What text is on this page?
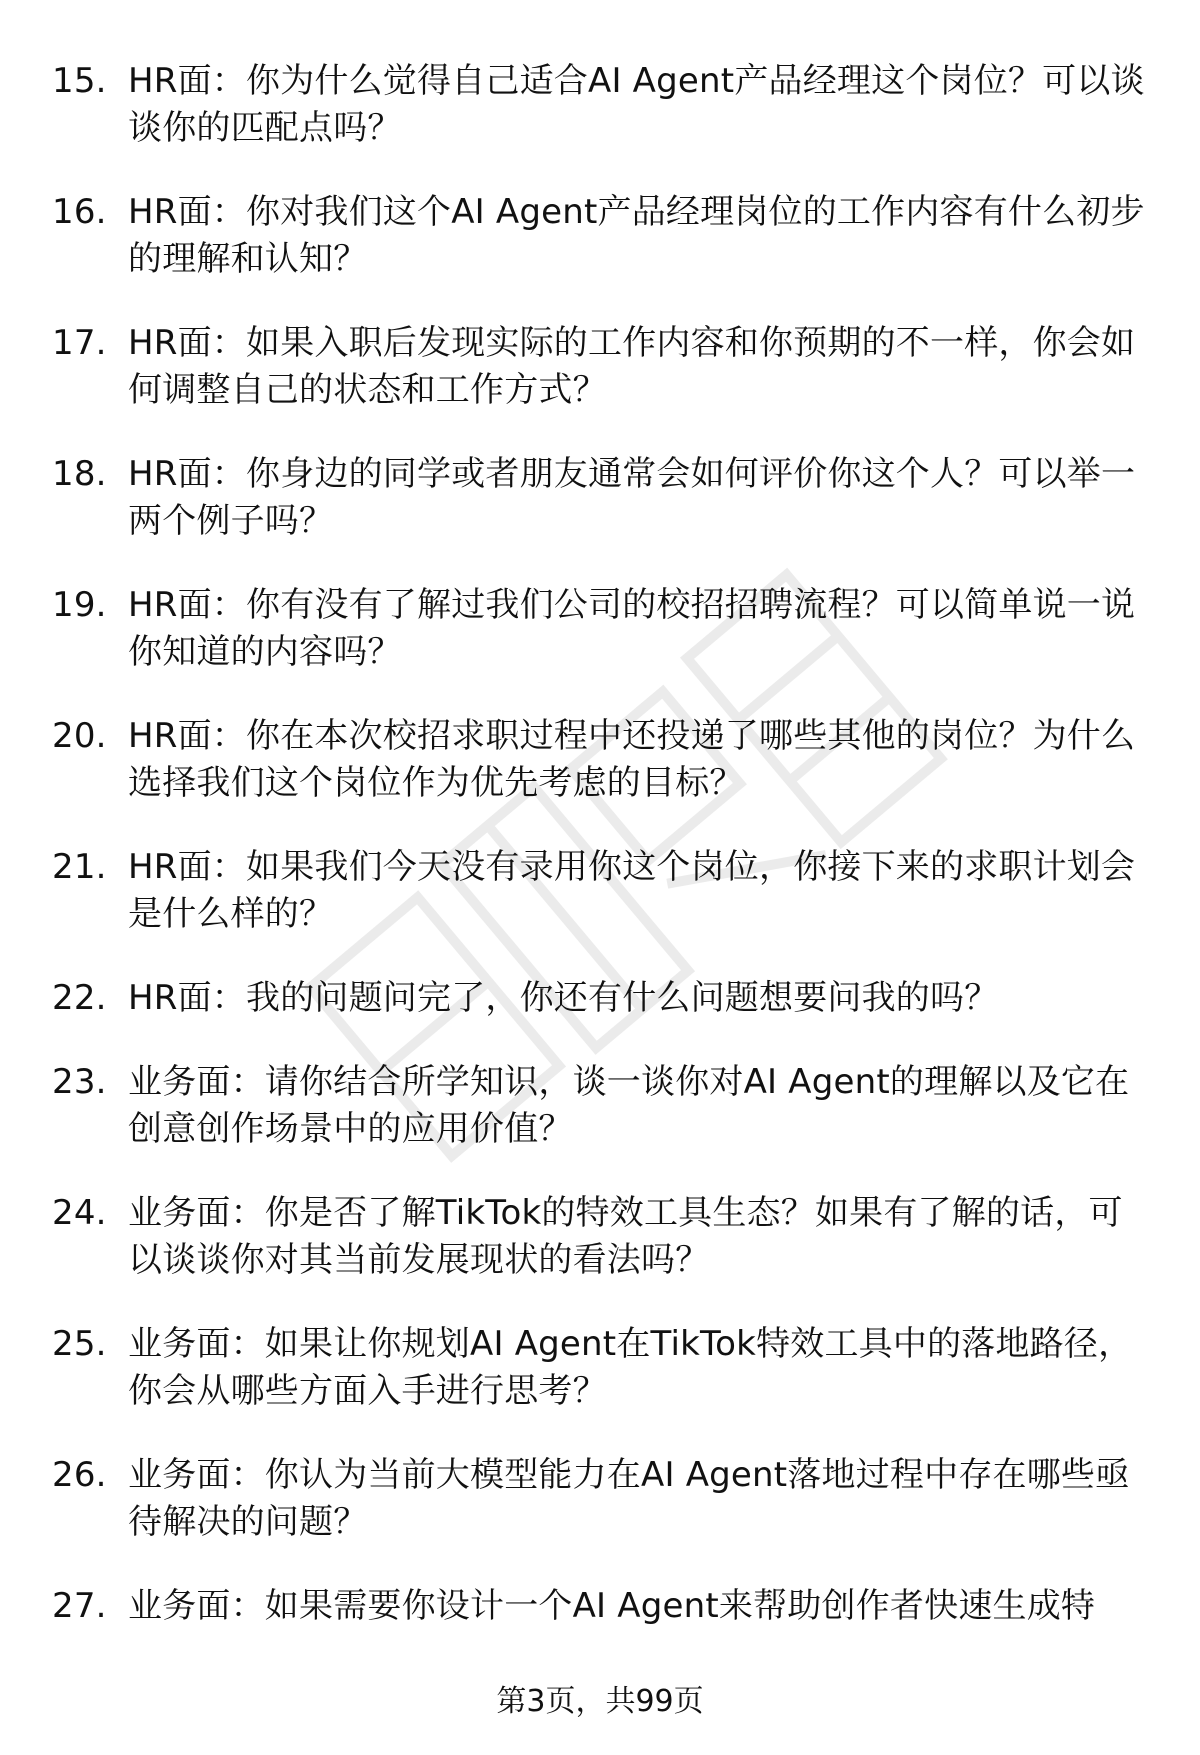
15. HR面：你为什么觉得自己适合AI Agent产品经理这个岗位？可以谈谈你的匹配点吗？
16. HR面：你对我们这个AI Agent产品经理岗位的工作内容有什么初步的理解和认知？
17. HR面：如果入职后发现实际的工作内容和你预期的不一样，你会如何调整自己的状态和工作方式？
18. HR面：你身边的同学或者朋友通常会如何评价你这个人？可以举一两个例子吗？
19. HR面：你有没有了解过我们公司的校招招聘流程？可以简单说一说你知道的内容吗？
20. HR面：你在本次校招求职过程中还投递了哪些其他的岗位？为什么选择我们这个岗位作为优先考虑的目标？
21. HR面：如果我们今天没有录用你这个岗位，你接下来的求职计划会是什么样的？
22. HR面：我的问题问完了，你还有什么问题想要问我的吗？
23. 业务面：请你结合所学知识，谈一谈你对AI Agent的理解以及它在创意创作场景中的应用价值？
24. 业务面：你是否了解TikTok的特效工具生态？如果有了解的话，可以谈谈你对其当前发展现状的看法吗？
25. 业务面：如果让你规划AI Agent在TikTok特效工具中的落地路径，你会从哪些方面入手进行思考？
26. 业务面：你认为当前大模型能力在AI Agent落地过程中存在哪些亟待解决的问题？
27. 业务面：如果需要你设计一个AI Agent来帮助创作者快速生成特
第3页，共99页
